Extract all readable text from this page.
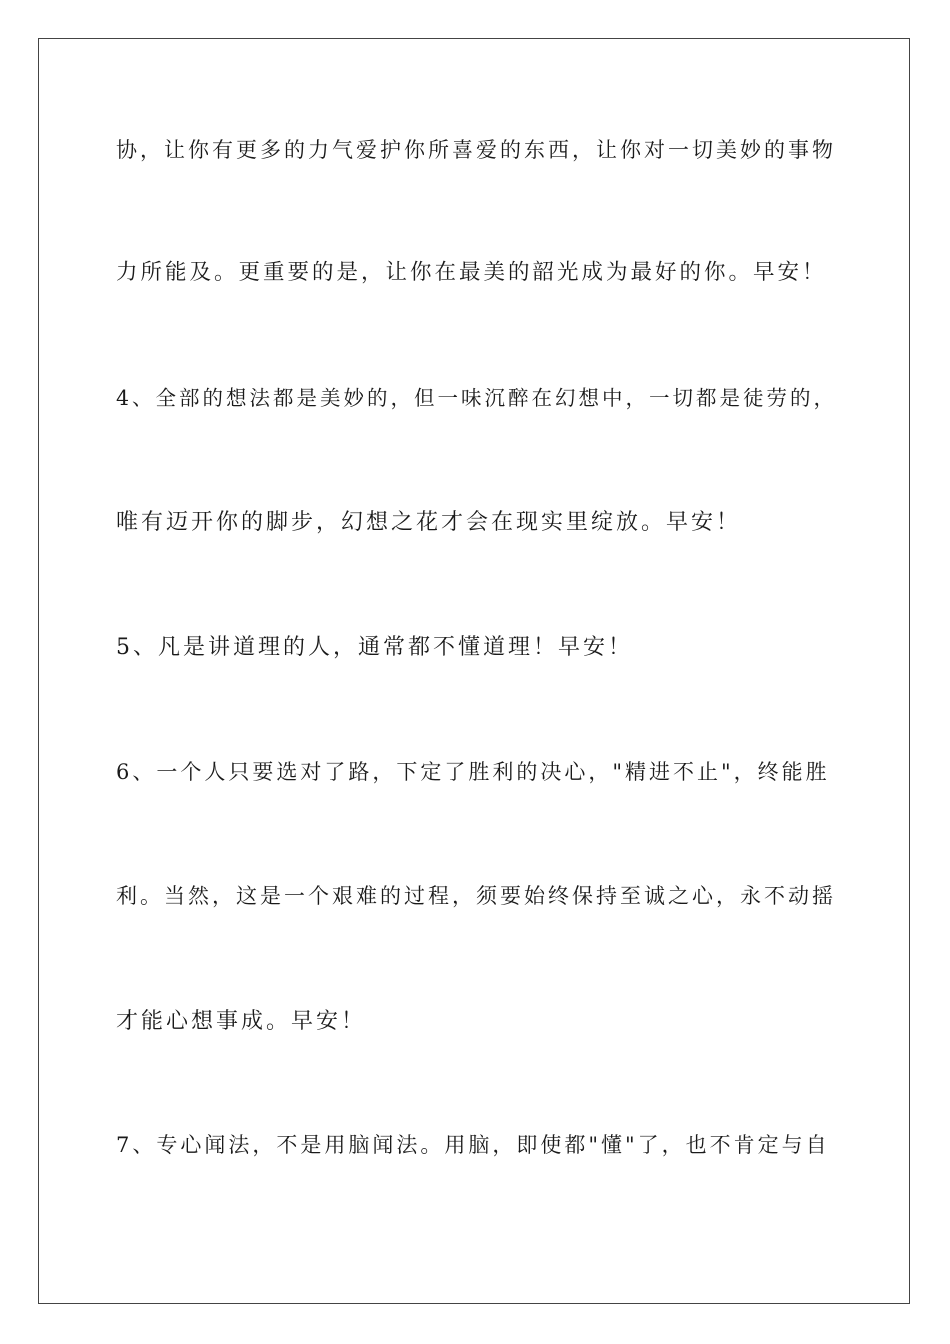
协，让你有更多的力气爱护你所喜爱的东西，让你对一切美妙的事物
力所能及。更重要的是，让你在最美的韶光成为最好的你。早安！
4、全部的想法都是美妙的，但一味沉醉在幻想中，一切都是徒劳的，
唯有迈开你的脚步，幻想之花才会在现实里绽放。早安！
5、凡是讲道理的人，通常都不懂道理！早安！
6、一个人只要选对了路，下定了胜利的决心，"精进不止"，终能胜
利。当然，这是一个艰难的过程，须要始终保持至诚之心，永不动摇
才能心想事成。早安！
7、专心闻法，不是用脑闻法。用脑，即使都"懂"了，也不肯定与自
